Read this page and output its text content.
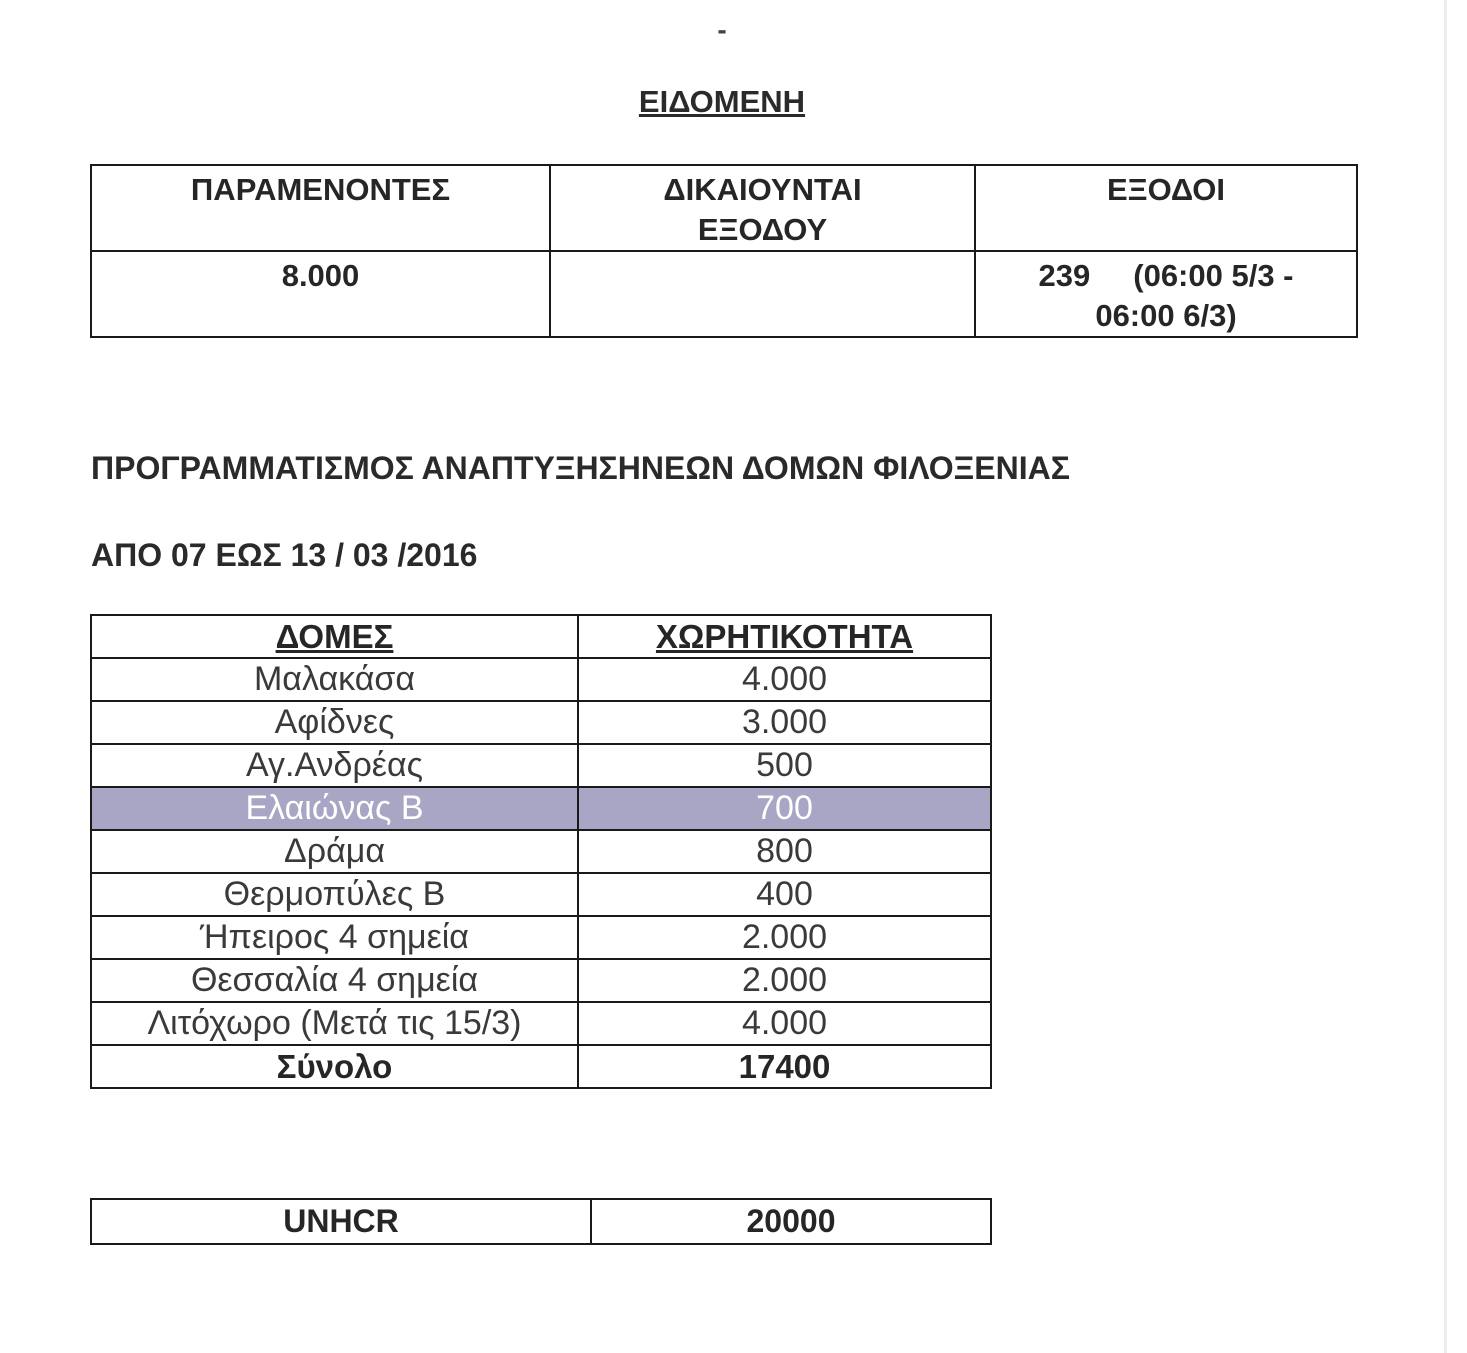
-
ΕΙΔΟΜΕΝΗ
ΠΑΡΑΜΕΝΟΝΤΕΣ	ΔΙΚΑΙΟΥΝΤΑΙ ΕΞΟΔΟΥ	ΕΞΟΔΟΙ
8.000		239     (06:00 5/3 - 06:00 6/3)
ΠΡΟΓΡΑΜΜΑΤΙΣΜΟΣ ΑΝΑΠΤΥΞΗΣΗΝΕΩΝ ΔΟΜΩΝ ΦΙΛΟΞΕΝΙΑΣ
ΑΠΟ 07 ΕΩΣ 13 / 03 /2016
ΔΟΜΕΣ	ΧΩΡΗΤΙΚΟΤΗΤΑ
Μαλακάσα	4.000
Αφίδνες	3.000
Αγ.Ανδρέας	500
Ελαιώνας Β	700
Δράμα	800
Θερμοπύλες Β	400
Ήπειρος 4 σημεία	2.000
Θεσσαλία 4 σημεία	2.000
Λιτόχωρο (Μετά τις 15/3)	4.000
Σύνολο	17400
UNHCR	20000
